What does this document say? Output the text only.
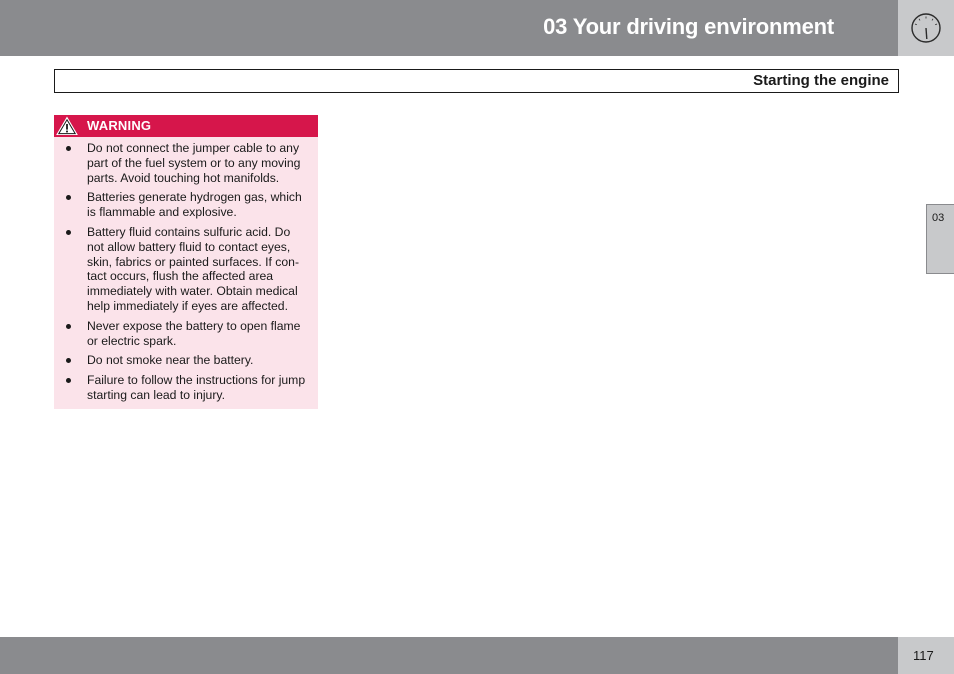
03 Your driving environment
Starting the engine
WARNING
Do not connect the jumper cable to any part of the fuel system or to any moving parts. Avoid touching hot manifolds.
Batteries generate hydrogen gas, which is flammable and explosive.
Battery fluid contains sulfuric acid. Do not allow battery fluid to contact eyes, skin, fabrics or painted surfaces. If con-tact occurs, flush the affected area immediately with water. Obtain medical help immediately if eyes are affected.
Never expose the battery to open flame or electric spark.
Do not smoke near the battery.
Failure to follow the instructions for jump starting can lead to injury.
03
117
